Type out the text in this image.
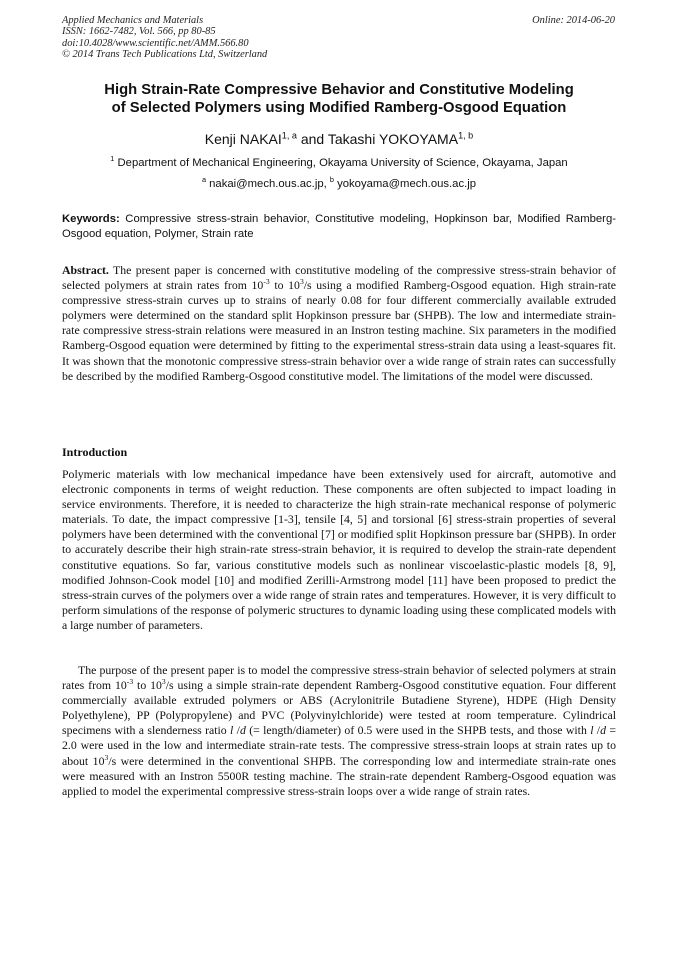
Applied Mechanics and Materials
ISSN: 1662-7482, Vol. 566, pp 80-85
doi:10.4028/www.scientific.net/AMM.566.80
© 2014 Trans Tech Publications Ltd, Switzerland
Online: 2014-06-20
High Strain-Rate Compressive Behavior and Constitutive Modeling
of Selected Polymers using Modified Ramberg-Osgood Equation
Kenji NAKAI$^{1, a}$ and Takashi YOKOYAMA$^{1, b}$
$^1$ Department of Mechanical Engineering, Okayama University of Science, Okayama, Japan
$^a$ nakai@mech.ous.ac.jp, $^b$ yokoyama@mech.ous.ac.jp
Keywords: Compressive stress-strain behavior, Constitutive modeling, Hopkinson bar, Modified Ramberg-Osgood equation, Polymer, Strain rate
Abstract. The present paper is concerned with constitutive modeling of the compressive stress-strain behavior of selected polymers at strain rates from $10^{-3}$ to $10^3/s$ using a modified Ramberg-Osgood equation. High strain-rate compressive stress-strain curves up to strains of nearly 0.08 for four different commercially available extruded polymers were determined on the standard split Hopkinson pressure bar (SHPB). The low and intermediate strain-rate compressive stress-strain relations were measured in an Instron testing machine. Six parameters in the modified Ramberg-Osgood equation were determined by fitting to the experimental stress-strain data using a least-squares fit. It was shown that the monotonic compressive stress-strain behavior over a wide range of strain rates can successfully be described by the modified Ramberg-Osgood constitutive model. The limitations of the model were discussed.
Introduction
Polymeric materials with low mechanical impedance have been extensively used for aircraft, automotive and electronic components in terms of weight reduction. These components are often subjected to impact loading in service environments. Therefore, it is needed to characterize the high strain-rate mechanical response of polymeric materials. To date, the impact compressive [1-3], tensile [4, 5] and torsional [6] stress-strain properties of several polymers have been determined with the conventional [7] or modified split Hopkinson pressure bar (SHPB). In order to accurately describe their high strain-rate stress-strain behavior, it is required to develop the strain-rate dependent constitutive equations. So far, various constitutive models such as nonlinear viscoelastic-plastic models [8, 9], modified Johnson-Cook model [10] and modified Zerilli-Armstrong model [11] have been proposed to predict the stress-strain curves of the polymers over a wide range of strain rates and temperatures. However, it is very difficult to perform simulations of the response of polymeric structures to dynamic loading using these complicated models with a large number of parameters.
The purpose of the present paper is to model the compressive stress-strain behavior of selected polymers at strain rates from $10^{-3}$ to $10^3/s$ using a simple strain-rate dependent Ramberg-Osgood constitutive equation. Four different commercially available extruded polymers or ABS (Acrylonitrile Butadiene Styrene), HDPE (High Density Polyethylene), PP (Polypropylene) and PVC (Polyvinylchloride) were tested at room temperature. Cylindrical specimens with a slenderness ratio l /d (= length/diameter) of 0.5 were used in the SHPB tests, and those with l /d = 2.0 were used in the low and intermediate strain-rate tests. The compressive stress-strain loops at strain rates up to about $10^3/s$ were determined in the conventional SHPB. The corresponding low and intermediate strain-rate ones were measured with an Instron 5500R testing machine. The strain-rate dependent Ramberg-Osgood equation was applied to model the experimental compressive stress-strain loops over a wide range of strain rates.
